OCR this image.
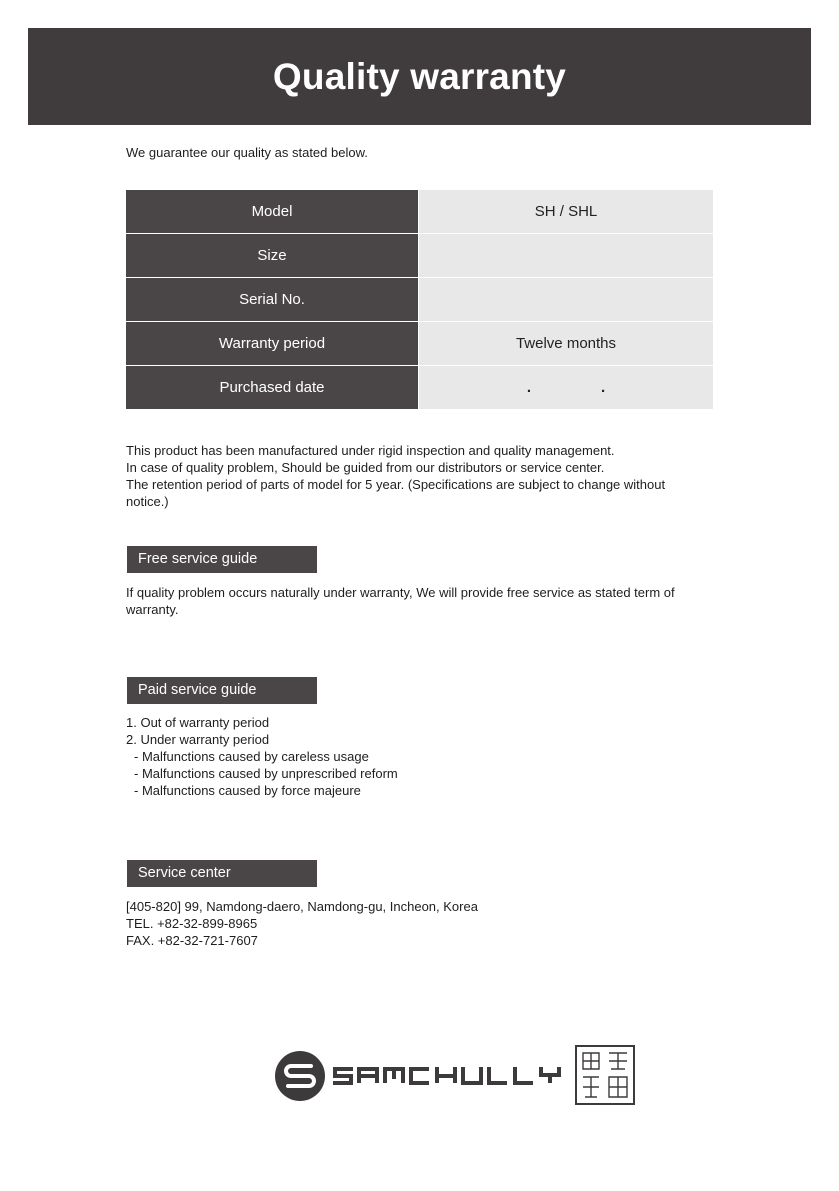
Quality warranty
We guarantee our quality as stated below.
Model	SH / SHL
Size	
Serial No.	
Warranty period	Twelve months
Purchased date	. .
This product has been manufactured under rigid inspection and quality management.
In case of quality problem, Should be guided from our distributors or service center.
The retention period of parts of model for 5 year. (Specifications are subject to change without notice.)
Free service guide
If quality problem occurs naturally under warranty, We will provide free service as stated term of warranty.
Paid service guide
1. Out of warranty period
2. Under warranty period
- Malfunctions caused by careless usage
- Malfunctions caused by unprescribed reform
- Malfunctions caused by force majeure
Service center
[405-820] 99, Namdong-daero, Namdong-gu, Incheon, Korea
TEL. +82-32-899-8965
FAX. +82-32-721-7607
